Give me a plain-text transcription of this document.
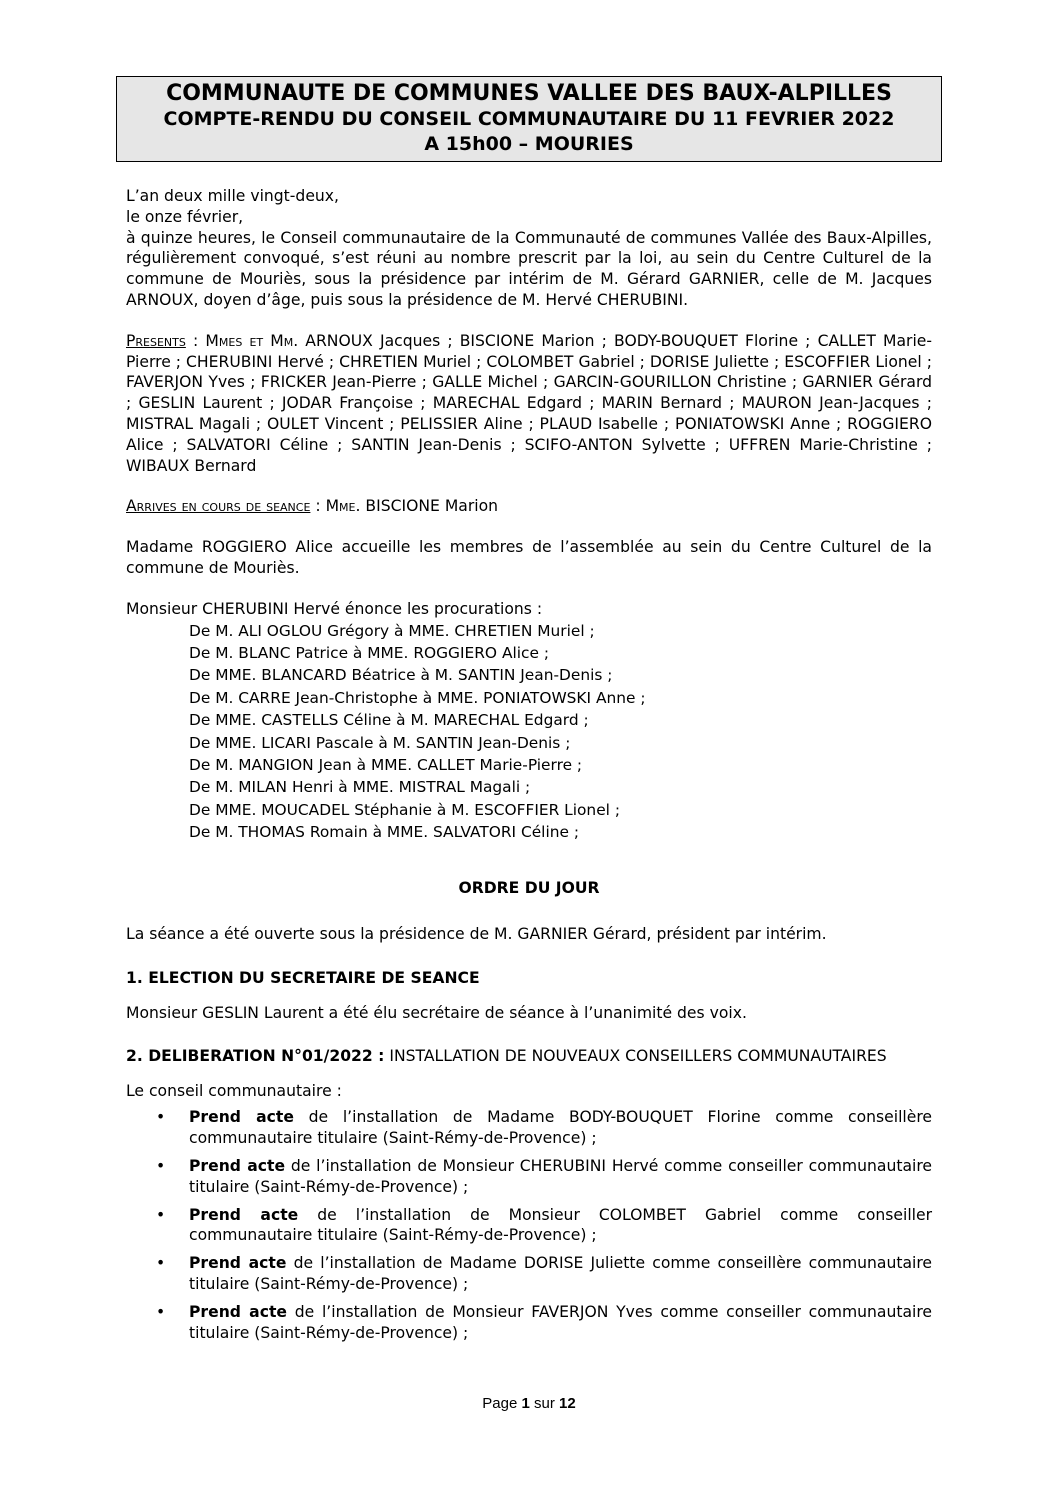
COMMUNAUTE DE COMMUNES VALLEE DES BAUX-ALPILLES
COMPTE-RENDU DU CONSEIL COMMUNAUTAIRE DU 11 FEVRIER 2022
A 15h00 – MOURIES

L’an deux mille vingt-deux,

le onze février,

à quinze heures, le Conseil communautaire de la Communauté de communes Vallée des Baux-Alpilles, régulièrement convoqué, s’est réuni au nombre prescrit par la loi, au sein du Centre Culturel de la commune de Mouriès, sous la présidence par intérim de M. Gérard GARNIER, celle de M. Jacques ARNOUX, doyen d’âge, puis sous la présidence de M. Hervé CHERUBINI.

Presents : Mmes et Mm. ARNOUX Jacques ; BISCIONE Marion ; BODY-BOUQUET Florine ; CALLET Marie-Pierre ; CHERUBINI Hervé ; CHRETIEN Muriel ; COLOMBET Gabriel ; DORISE Juliette ; ESCOFFIER Lionel ; FAVERJON Yves ; FRICKER Jean-Pierre ; GALLE Michel ; GARCIN-GOURILLON Christine ; GARNIER Gérard ; GESLIN Laurent ; JODAR Françoise ; MARECHAL Edgard ; MARIN Bernard ; MAURON Jean-Jacques ; MISTRAL Magali ; OULET Vincent ; PELISSIER Aline ; PLAUD Isabelle ; PONIATOWSKI Anne ; ROGGIERO Alice ; SALVATORI Céline ; SANTIN Jean-Denis ; SCIFO-ANTON Sylvette ; UFFREN Marie-Christine ; WIBAUX Bernard

Arrives en cours de seance : Mme. BISCIONE Marion

Madame ROGGIERO Alice accueille les membres de l’assemblée au sein du Centre Culturel de la commune de Mouriès.

Monsieur CHERUBINI Hervé énonce les procurations :

De M. ALI OGLOU Grégory à MME. CHRETIEN Muriel ;
De M. BLANC Patrice à MME. ROGGIERO Alice ;
De MME. BLANCARD Béatrice à M. SANTIN Jean-Denis ;
De M. CARRE Jean-Christophe à MME. PONIATOWSKI Anne ;
De MME. CASTELLS Céline à M. MARECHAL Edgard ;
De MME. LICARI Pascale à M. SANTIN Jean-Denis ;
De M. MANGION Jean à MME. CALLET Marie-Pierre ;
De M. MILAN Henri à MME. MISTRAL Magali ;
De MME. MOUCADEL Stéphanie à M. ESCOFFIER Lionel ;
De M. THOMAS Romain à MME. SALVATORI Céline ;

ORDRE DU JOUR

La séance a été ouverte sous la présidence de M. GARNIER Gérard, président par intérim.

1. ELECTION DU SECRETAIRE DE SEANCE

Monsieur GESLIN Laurent a été élu secrétaire de séance à l’unanimité des voix.

2. DELIBERATION N°01/2022 : INSTALLATION DE NOUVEAUX CONSEILLERS COMMUNAUTAIRES

Le conseil communautaire :

• Prend acte de l’installation de Madame BODY-BOUQUET Florine comme conseillère communautaire titulaire (Saint-Rémy-de-Provence) ;
• Prend acte de l’installation de Monsieur CHERUBINI Hervé comme conseiller communautaire titulaire (Saint-Rémy-de-Provence) ;
• Prend acte de l’installation de Monsieur COLOMBET Gabriel comme conseiller communautaire titulaire (Saint-Rémy-de-Provence) ;
• Prend acte de l’installation de Madame DORISE Juliette comme conseillère communautaire titulaire (Saint-Rémy-de-Provence) ;
• Prend acte de l’installation de Monsieur FAVERJON Yves comme conseiller communautaire titulaire (Saint-Rémy-de-Provence) ;
Page 1 sur 12
